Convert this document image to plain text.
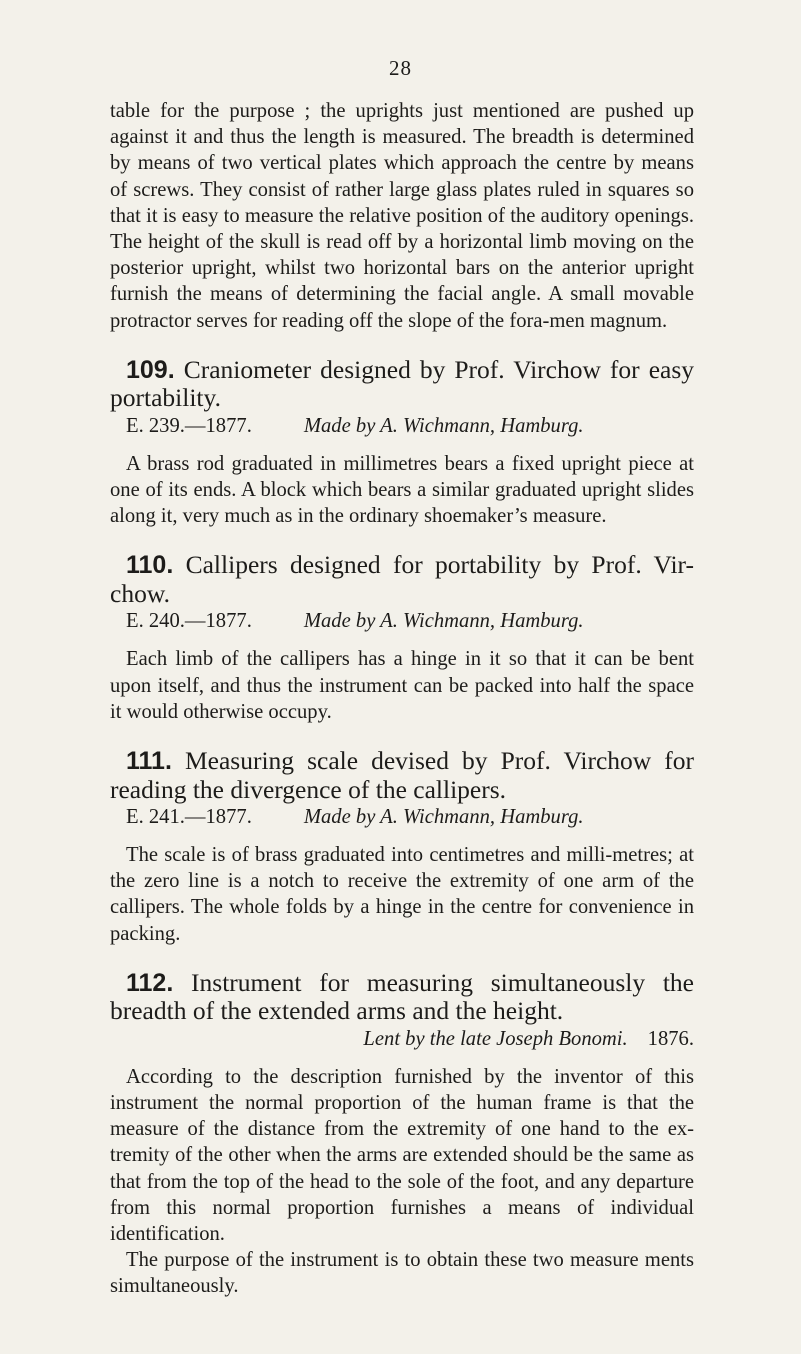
28

table for the purpose ; the uprights just mentioned are pushed up against it and thus the length is measured. The breadth is determined by means of two vertical plates which approach the centre by means of screws. They consist of rather large glass plates ruled in squares so that it is easy to measure the relative position of the auditory openings. The height of the skull is read off by a horizontal limb moving on the posterior upright, whilst two horizontal bars on the anterior upright furnish the means of determining the facial angle. A small movable protractor serves for reading off the slope of the fora-men magnum.

109. Craniometer designed by Prof. Virchow for easy portability.
E. 239.—1877.	Made by A. Wichmann, Hamburg.

A brass rod graduated in millimetres bears a fixed upright piece at one of its ends. A block which bears a similar graduated upright slides along it, very much as in the ordinary shoemaker’s measure.

110. Callipers designed for portability by Prof. Vir-chow.
E. 240.—1877.	Made by A. Wichmann, Hamburg.

Each limb of the callipers has a hinge in it so that it can be bent upon itself, and thus the instrument can be packed into half the space it would otherwise occupy.

111. Measuring scale devised by Prof. Virchow for reading the divergence of the callipers.
E. 241.—1877.	Made by A. Wichmann, Hamburg.

The scale is of brass graduated into centimetres and milli-metres; at the zero line is a notch to receive the extremity of one arm of the callipers. The whole folds by a hinge in the centre for convenience in packing.

112. Instrument for measuring simultaneously the breadth of the extended arms and the height.
Lent by the late Joseph Bonomi. 1876.

According to the description furnished by the inventor of this instrument the normal proportion of the human frame is that the measure of the distance from the extremity of one hand to the ex-tremity of the other when the arms are extended should be the same as that from the top of the head to the sole of the foot, and any departure from this normal proportion furnishes a means of individual identification.

The purpose of the instrument is to obtain these two measure ments simultaneously.
